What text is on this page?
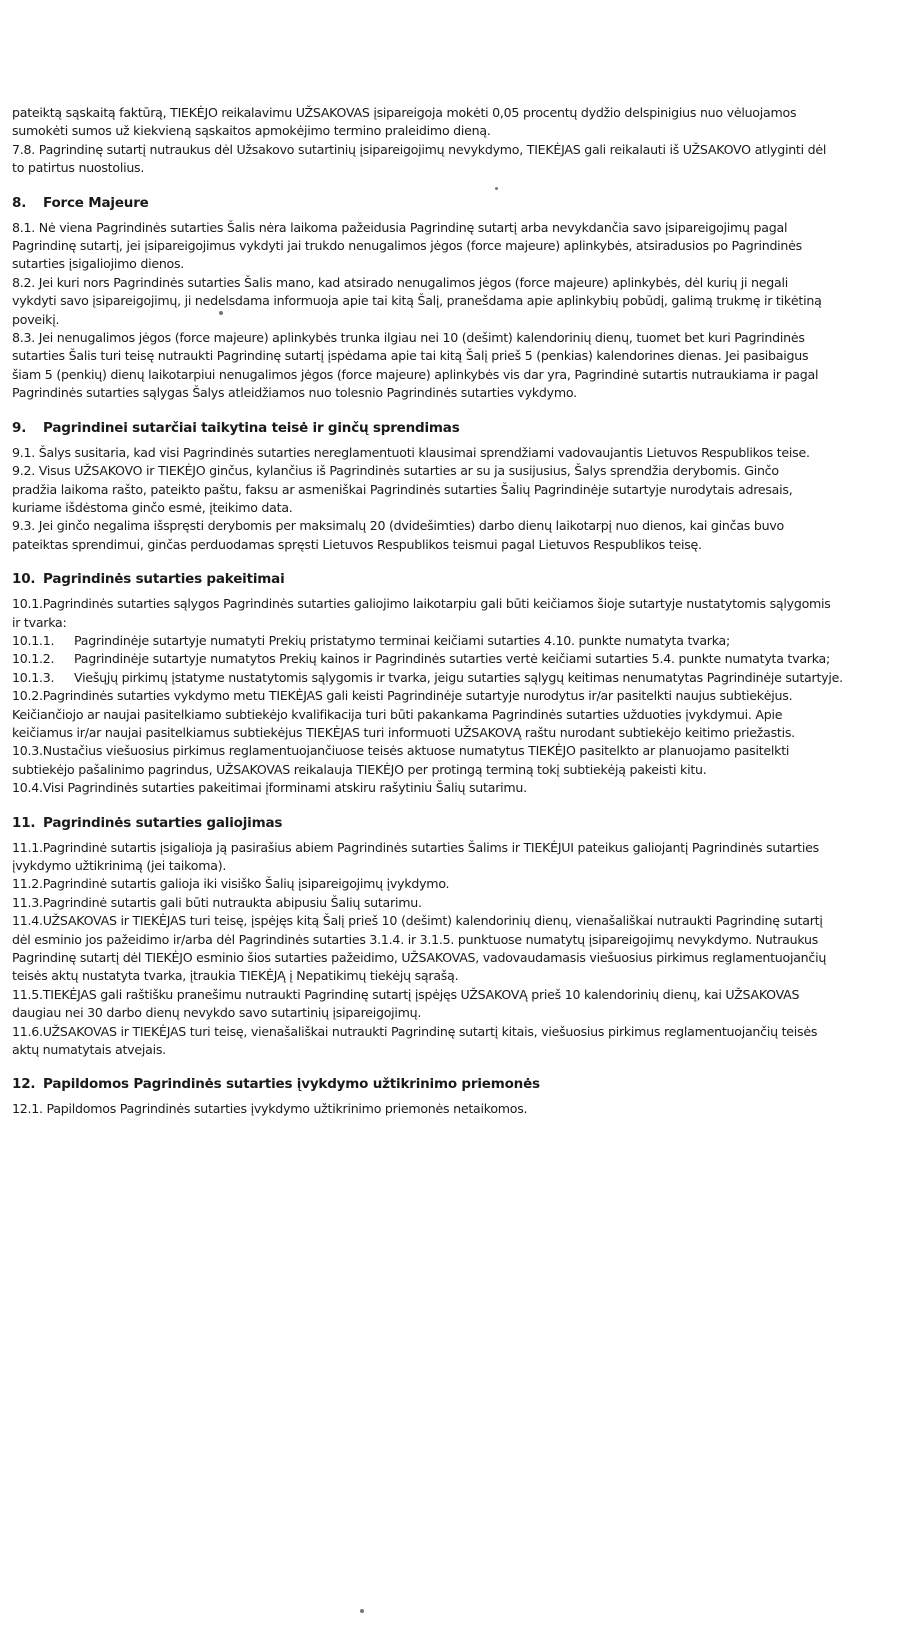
pateiktą sąskaitą faktūrą, TIEKĖJO reikalavimu UŽSAKOVAS įsipareigoja mokėti 0,05 procentų dydžio delspinigius nuo vėluojamos
sumokėti sumos už kiekvieną sąskaitos apmokėjimo termino praleidimo dieną.
7.8. Pagrindinę sutartį nutraukus dėl Užsakovo sutartinių įsipareigojimų nevykdymo, TIEKĖJAS gali reikalauti iš UŽSAKOVO atlyginti dėl
to patirtus nuostolius.
8. Force Majeure
8.1. Nė viena Pagrindinės sutarties Šalis nėra laikoma pažeidusia Pagrindinę sutartį arba nevykdančia savo įsipareigojimų pagal
Pagrindinę sutartį, jei įsipareigojimus vykdyti jai trukdo nenugalimos jėgos (force majeure) aplinkybės, atsiradusios po Pagrindinės
sutarties įsigaliojimo dienos.
8.2. Jei kuri nors Pagrindinės sutarties Šalis mano, kad atsirado nenugalimos jėgos (force majeure) aplinkybės, dėl kurių ji negali
vykdyti savo įsipareigojimų, ji nedelsdama informuoja apie tai kitą Šalį, pranešdama apie aplinkybių pobūdį, galimą trukmę ir tikėtiną
poveikį.
8.3. Jei nenugalimos jėgos (force majeure) aplinkybės trunka ilgiau nei 10 (dešimt) kalendorinių dienų, tuomet bet kuri Pagrindinės
sutarties Šalis turi teisę nutraukti Pagrindinę sutartį įspėdama apie tai kitą Šalį prieš 5 (penkias) kalendorines dienas. Jei pasibaigus
šiam 5 (penkių) dienų laikotarpiui nenugalimos jėgos (force majeure) aplinkybės vis dar yra, Pagrindinė sutartis nutraukiama ir pagal
Pagrindinės sutarties sąlygas Šalys atleidžiamos nuo tolesnio Pagrindinės sutarties vykdymo.
9. Pagrindinei sutarčiai taikytina teisė ir ginčų sprendimas
9.1. Šalys susitaria, kad visi Pagrindinės sutarties nereglamentuoti klausimai sprendžiami vadovaujantis Lietuvos Respublikos teise.
9.2. Visus UŽSAKOVO ir TIEKĖJO ginčus, kylančius iš Pagrindinės sutarties ar su ja susijusius, Šalys sprendžia derybomis. Ginčo
pradžia laikoma rašto, pateikto paštu, faksu ar asmeniškai Pagrindinės sutarties Šalių Pagrindinėje sutartyje nurodytais adresais,
kuriame išdėstoma ginčo esmė, įteikimo data.
9.3. Jei ginčo negalima išspręsti derybomis per maksimalų 20 (dvidešimties) darbo dienų laikotarpį nuo dienos, kai ginčas buvo
pateiktas sprendimui, ginčas perduodamas spręsti Lietuvos Respublikos teismui pagal Lietuvos Respublikos teisę.
10. Pagrindinės sutarties pakeitimai
10.1.Pagrindinės sutarties sąlygos Pagrindinės sutarties galiojimo laikotarpiu gali būti keičiamos šioje sutartyje nustatytomis sąlygomis
ir tvarka:
10.1.1. Pagrindinėje sutartyje numatyti Prekių pristatymo terminai keičiami sutarties 4.10. punkte numatyta tvarka;
10.1.2. Pagrindinėje sutartyje numatytos Prekių kainos ir Pagrindinės sutarties vertė keičiami sutarties 5.4. punkte numatyta tvarka;
10.1.3. Viešųjų pirkimų įstatyme nustatytomis sąlygomis ir tvarka, jeigu sutarties sąlygų keitimas nenumatytas Pagrindinėje sutartyje.
10.2.Pagrindinės sutarties vykdymo metu TIEKĖJAS gali keisti Pagrindinėje sutartyje nurodytus ir/ar pasitelkti naujus subtiekėjus.
Keičiančiojo ar naujai pasitelkiamo subtiekėjo kvalifikacija turi būti pakankama Pagrindinės sutarties užduoties įvykdymui. Apie
keičiamus ir/ar naujai pasitelkiamus subtiekėjus TIEKĖJAS turi informuoti UŽSAKOVĄ raštu nurodant subtiekėjo keitimo priežastis.
10.3.Nustačius viešuosius pirkimus reglamentuojančiuose teisės aktuose numatytus TIEKĖJO pasitelkto ar planuojamo pasitelkti
subtiekėjo pašalinimo pagrindus, UŽSAKOVAS reikalauja TIEKĖJO per protingą terminą tokį subtiekėją pakeisti kitu.
10.4.Visi Pagrindinės sutarties pakeitimai įforminami atskiru rašytiniu Šalių sutarimu.
11. Pagrindinės sutarties galiojimas
11.1.Pagrindinė sutartis įsigalioja ją pasirašius abiem Pagrindinės sutarties Šalims ir TIEKĖJUI pateikus galiojantį Pagrindinės sutarties
įvykdymo užtikrinimą (jei taikoma).
11.2.Pagrindinė sutartis galioja iki visiško Šalių įsipareigojimų įvykdymo.
11.3.Pagrindinė sutartis gali būti nutraukta abipusiu Šalių sutarimu.
11.4.UŽSAKOVAS ir TIEKĖJAS turi teisę, įspėjęs kitą Šalį prieš 10 (dešimt) kalendorinių dienų, vienašališkai nutraukti Pagrindinę sutartį
dėl esminio jos pažeidimo ir/arba dėl Pagrindinės sutarties 3.1.4. ir 3.1.5. punktuose numatytų įsipareigojimų nevykdymo. Nutraukus
Pagrindinę sutartį dėl TIEKĖJO esminio šios sutarties pažeidimo, UŽSAKOVAS, vadovaudamasis viešuosius pirkimus reglamentuojančių
teisės aktų nustatyta tvarka, įtraukia TIEKĖJĄ į Nepatikimų tiekėjų sąrašą.
11.5.TIEKĖJAS gali raštišku pranešimu nutraukti Pagrindinę sutartį įspėjęs UŽSAKOVĄ prieš 10 kalendorinių dienų, kai UŽSAKOVAS
daugiau nei 30 darbo dienų nevykdo savo sutartinių įsipareigojimų.
11.6.UŽSAKOVAS ir TIEKĖJAS turi teisę, vienašališkai nutraukti Pagrindinę sutartį kitais, viešuosius pirkimus reglamentuojančių teisės
aktų numatytais atvejais.
12. Papildomos Pagrindinės sutarties įvykdymo užtikrinimo priemonės
12.1. Papildomos Pagrindinės sutarties įvykdymo užtikrinimo priemonės netaikomos.
